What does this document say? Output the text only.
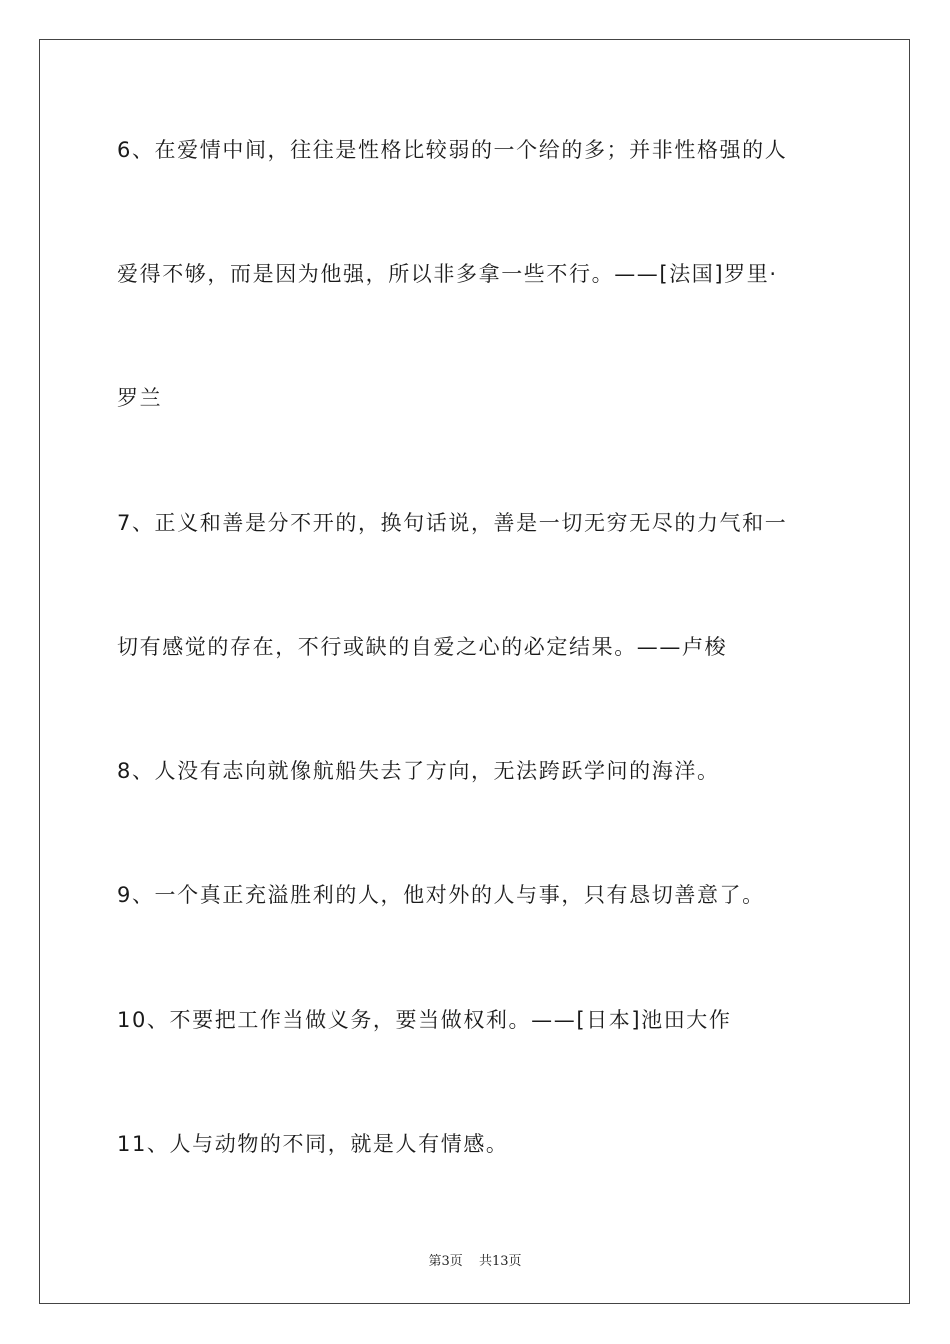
6、在爱情中间，往往是性格比较弱的一个给的多；并非性格强的人
爱得不够，而是因为他强，所以非多拿一些不行。——[法国]罗里·
罗兰
7、正义和善是分不开的，换句话说，善是一切无穷无尽的力气和一
切有感觉的存在，不行或缺的自爱之心的必定结果。——卢梭
8、人没有志向就像航船失去了方向，无法跨跃学问的海洋。
9、一个真正充溢胜利的人，他对外的人与事，只有恳切善意了。
10、不要把工作当做义务，要当做权利。——[日本]池田大作
11、人与动物的不同，就是人有情感。
第3页 共13页
